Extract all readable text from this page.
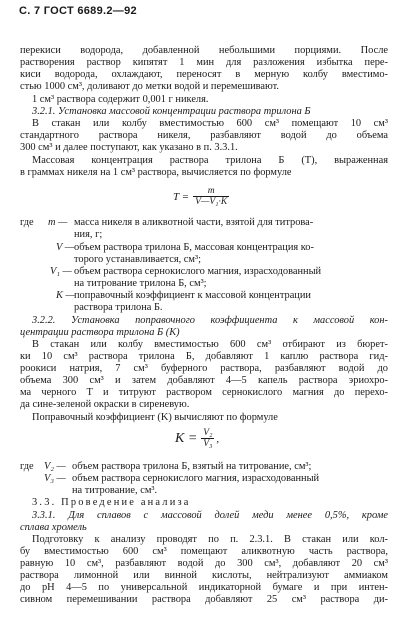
С. 7 ГОСТ 6689.2—92
перекиси водорода, добавленной небольшими порциями. После
растворения раствор кипятят 1 мин для разложения избытка пере-
киси водорода, охлаждают, переносят в мерную колбу вместимо-
стью 1000 см³, доливают до метки водой и перемешивают.
1 см³ раствора содержит 0,001 г никеля.
3.2.1. Установка массовой концентрации раствора трилона Б
В стакан или колбу вместимостью 600 см³ помещают 10 см³
стандартного раствора никеля, разбавляют водой до объема
300 см³ и далее поступают, как указано в п. 3.3.1.
Массовая концентрация раствора трилона Б (T), выраженная
в граммах никеля на 1 см³ раствора, вычисляется по формуле
$T = \frac{m}{\text{V—V₁·K}}$
где m — масса никеля в аликвотной части, взятой для титрова-
ния, г;
V — объем раствора трилона Б, массовая концентрация ко-
торого устанавливается, см³;
V₁ — объем раствора сернокислого магния, израсходованный
на титрование трилона Б, см³;
K — поправочный коэффициент к массовой концентрации
раствора трилона Б.
3.2.2. Установка поправочного коэффициента к массовой кон-
центрации раствора трилона Б (K)
В стакан или колбу вместимостью 600 см³ отбирают из бюрет-
ки 10 см³ раствора трилона Б, добавляют 1 каплю раствора гид-
роокиси натрия, 7 см³ буферного раствора, разбавляют водой до
объема 300 см³ и затем добавляют 4—5 капель раствора эриохро-
ма черного T и титруют раствором сернокислого магния до перехо-
да сине-зеленой окраски в сиреневую.
Поправочный коэффициент (K) вычисляют по формуле
$K = \frac{\text{V₂}}{\text{V₃}}$ ,
где V₂ — объем раствора трилона Б, взятый на титрование, см³;
V₃ — объем раствора сернокислого магния, израсходованный
на титрование, см³.
3.3. Проведение анализа
3.3.1. Для сплавов с массовой долей меди менее 0,5%, кроме
сплава хромель
Подготовку к анализу проводят по п. 2.3.1. В стакан или кол-
бу вместимостью 600 см³ помещают аликвотную часть раствора,
равную 10 см³, разбавляют водой до 300 см³, добавляют 20 см³
раствора лимонной или винной кислоты, нейтрализуют аммиаком
до pH 4—5 по универсальной индикаторной бумаге и при интен-
сивном перемешивании раствора добавляют 25 см³ раствора ди-
